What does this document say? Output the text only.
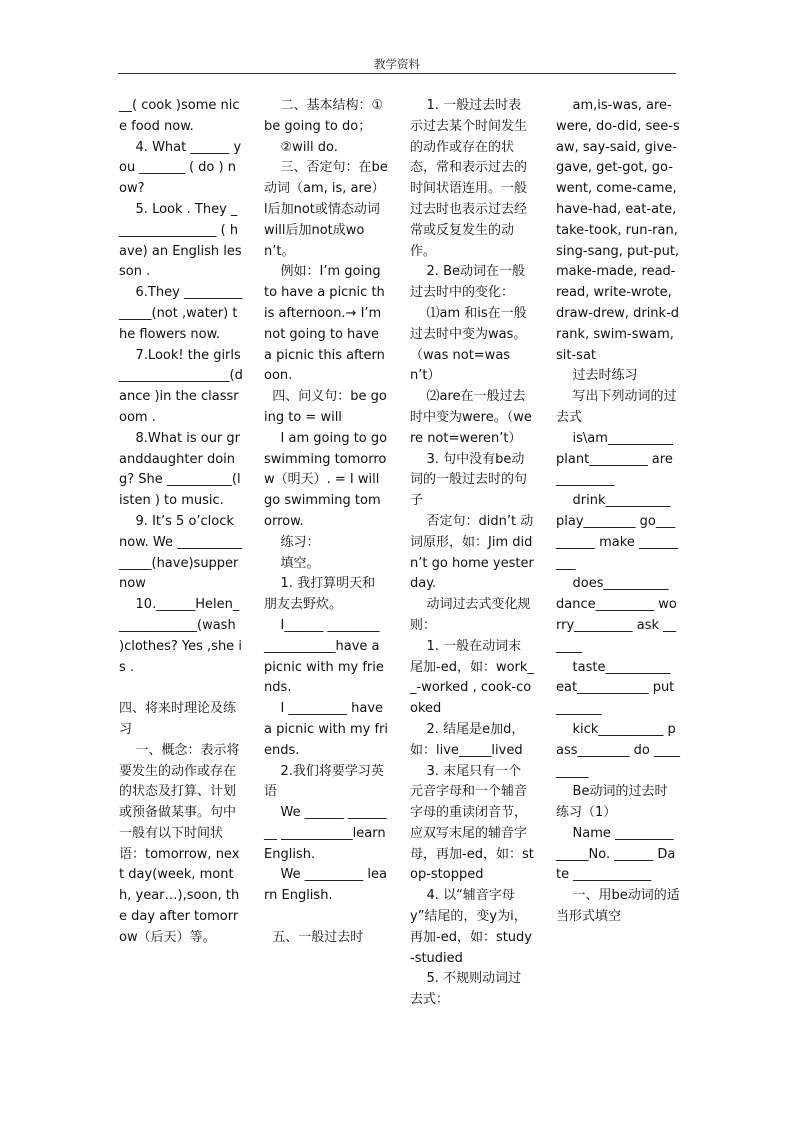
教学资料
__( cook )some nice food now.
4. What ______ you _______ ( do ) now?
5. Look . They ________________ ( have) an English lesson .
6.They ______________(not ,water) the flowers now.
7.Look! the girls _________________(dance )in the classroom .
8.What is our granddaughter doing? She __________(listen ) to music.
9. It’s 5 o’clock now. We _______________(have)supper now
10.______Helen_____________(wash )clothes? Yes ,she is .

四、将来时理论及练习
一、概念：表示将要发生的动作或存在的状态及打算、计划或预备做某事。句中一般有以下时间状语：tomorrow, next day(week, month, year…),soon, the day after tomorrow（后天）等。
二、基本结构：① be going to do；
②will do.
三、否定句：在be动词（am, is, are）l后加not或情态动词will后加not成won’t。
例如：I’m going to have a picnic this afternoon.→ I’m not going to have a picnic this afternoon.
四、问义句：be going to = will
I am going to go swimming tomorrow（明天）. = I will go swimming tomorrow.
练习：
填空。
1. 我打算明天和朋友去野炊。
I______ ________ ___________have a picnic with my friends.
I _________ have a picnic with my friends.
2.我们将要学习英语
We ______ ________ ___________learn English.
We _________ learn English.

五、一般过去时
1. 一般过去时表示过去某个时间发生的动作或存在的状态，常和表示过去的时间状语连用。一般过去时也表示过去经常或反复发生的动作。
2. Be动词在一般过去时中的变化：
⑴am 和is在一般过去时中变为was。（was not=wasn’t）
⑵are在一般过去时中变为were。（were not=weren’t）
3. 句中没有be动词的一般过去时的句子
否定句：didn’t 动词原形，如：Jim didn’t go home yesterday.
动词过去式变化规则：
1. 一般在动词末尾加-ed，如：work__-worked , cook-cooked
2. 结尾是e加d，如：live_____lived
3. 末尾只有一个元音字母和一个辅音字母的重读闭音节，应双写末尾的辅音字母，再加-ed，如：stop-stopped
4. 以“辅音字母y”结尾的，变y为i，再加-ed，如：study-studied
5. 不规则动词过去式：
am,is-was, are-were, do-did, see-saw, say-said, give-gave, get-got, go-went, come-came, have-had, eat-ate, take-took, run-ran, sing-sang, put-put, make-made, read-read, write-wrote, draw-drew, drink-drank, swim-swam, sit-sat
过去时练习
写出下列动词的过去式
is\am__________ plant_________ are _________
drink__________ play________ go_________ make _________
does__________ dance_________ worry_________ ask ______
taste__________ eat___________ put _______
kick__________ pass________ do _________
Be动词的过去时练习（1）
Name ______________No. ______ Date ____________
一、用be动词的适当形式填空
